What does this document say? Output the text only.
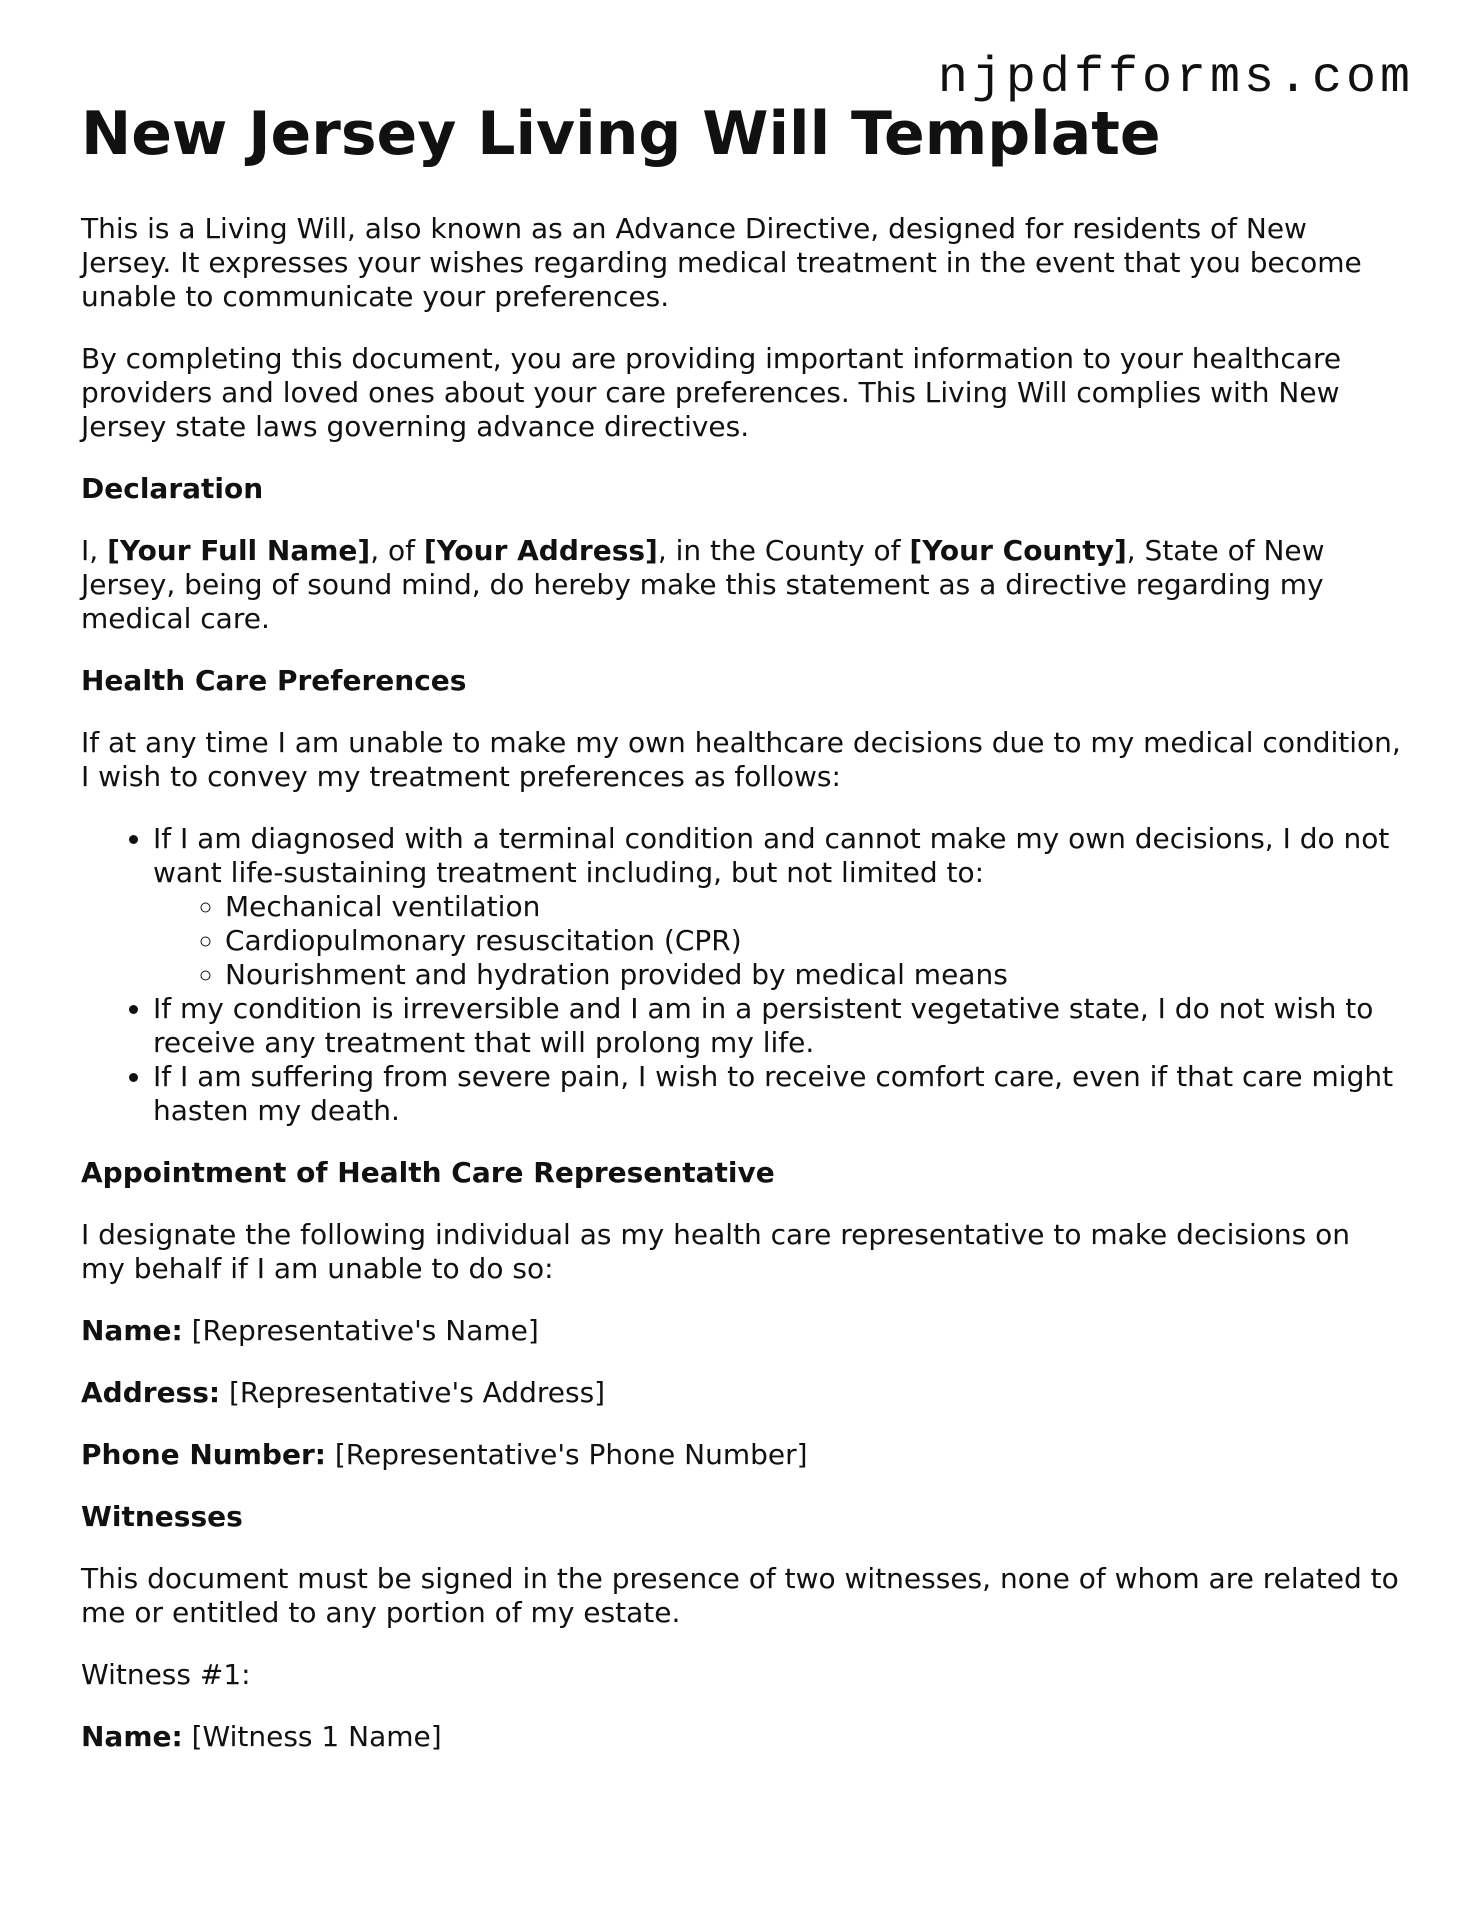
njpdfforms.com
New Jersey Living Will Template

This is a Living Will, also known as an Advance Directive, designed for residents of New Jersey. It expresses your wishes regarding medical treatment in the event that you become unable to communicate your preferences.

By completing this document, you are providing important information to your healthcare providers and loved ones about your care preferences. This Living Will complies with New Jersey state laws governing advance directives.

Declaration

I, [Your Full Name], of [Your Address], in the County of [Your County], State of New Jersey, being of sound mind, do hereby make this statement as a directive regarding my medical care.

Health Care Preferences

If at any time I am unable to make my own healthcare decisions due to my medical condition, I wish to convey my treatment preferences as follows:

• If I am diagnosed with a terminal condition and cannot make my own decisions, I do not want life-sustaining treatment including, but not limited to:
◦ Mechanical ventilation
◦ Cardiopulmonary resuscitation (CPR)
◦ Nourishment and hydration provided by medical means
• If my condition is irreversible and I am in a persistent vegetative state, I do not wish to receive any treatment that will prolong my life.
• If I am suffering from severe pain, I wish to receive comfort care, even if that care might hasten my death.
Appointment of Health Care Representative

I designate the following individual as my health care representative to make decisions on my behalf if I am unable to do so:

Name: [Representative's Name]

Address: [Representative's Address]

Phone Number: [Representative's Phone Number]

Witnesses

This document must be signed in the presence of two witnesses, none of whom are related to me or entitled to any portion of my estate.

Witness #1:

Name: [Witness 1 Name]
